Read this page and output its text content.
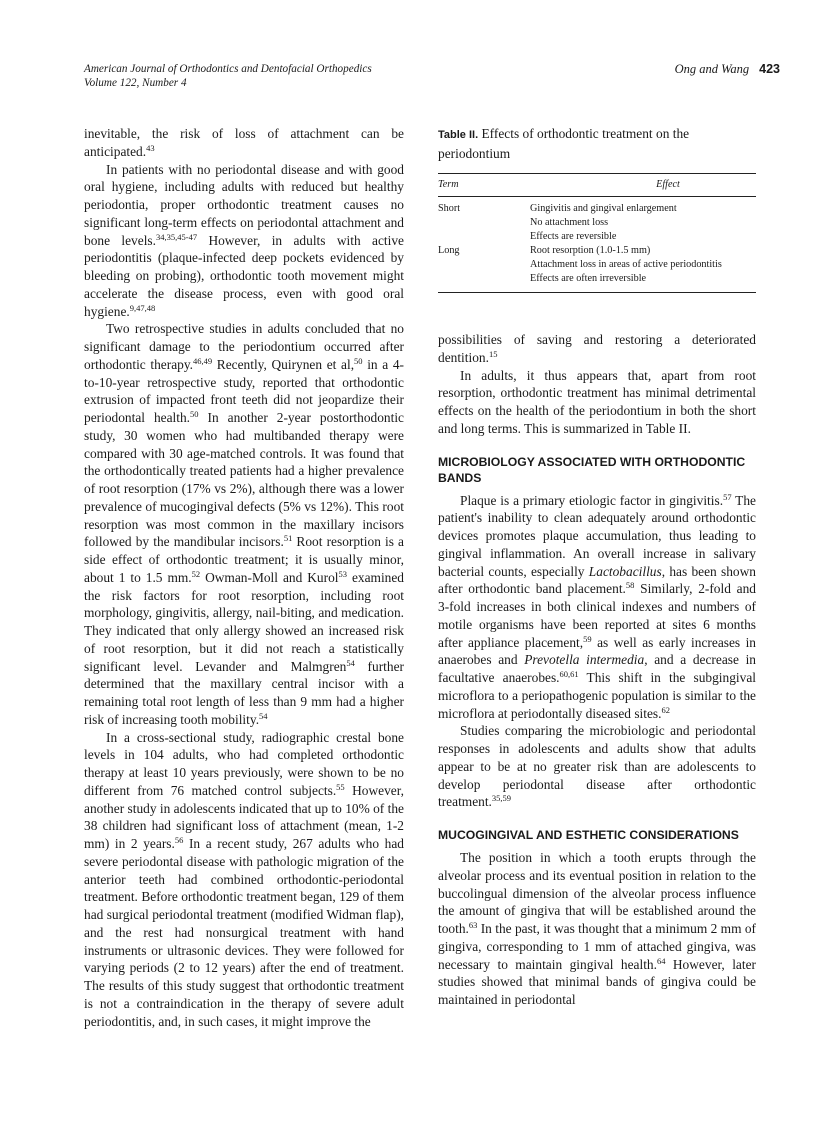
American Journal of Orthodontics and Dentofacial Orthopedics
Volume 122, Number 4
Ong and Wang 423

inevitable, the risk of loss of attachment can be anticipated.$^{43}$

In patients with no periodontal disease and with good oral hygiene, including adults with reduced but healthy periodontia, proper orthodontic treatment causes no significant long-term effects on periodontal attachment and bone levels.$^{34,35,45-47}$ However, in adults with active periodontitis (plaque-infected deep pockets evidenced by bleeding on probing), orthodontic tooth movement might accelerate the disease process, even with good oral hygiene.$^{9,47,48}$

Two retrospective studies in adults concluded that no significant damage to the periodontium occurred after orthodontic therapy.$^{46,49}$ Recently, Quirynen et al,$^{50}$ in a 4-to-10-year retrospective study, reported that orthodontic extrusion of impacted front teeth did not jeopardize their periodontal health.$^{50}$ In another 2-year postorthodontic study, 30 women who had multibanded therapy were compared with 30 age-matched controls. It was found that the orthodontically treated patients had a higher prevalence of root resorption (17% vs 2%), although there was a lower prevalence of mucogingival defects (5% vs 12%). This root resorption was most common in the maxillary incisors followed by the mandibular incisors.$^{51}$ Root resorption is a side effect of orthodontic treatment; it is usually minor, about 1 to 1.5 mm.$^{52}$ Owman-Moll and Kurol$^{53}$ examined the risk factors for root resorption, including root morphology, gingivitis, allergy, nail-biting, and medication. They indicated that only allergy showed an increased risk of root resorption, but it did not reach a statistically significant level. Levander and Malmgren$^{54}$ further determined that the maxillary central incisor with a remaining total root length of less than 9 mm had a higher risk of increasing tooth mobility.$^{54}$

In a cross-sectional study, radiographic crestal bone levels in 104 adults, who had completed orthodontic therapy at least 10 years previously, were shown to be no different from 76 matched control subjects.$^{55}$ However, another study in adolescents indicated that up to 10% of the 38 children had significant loss of attachment (mean, 1-2 mm) in 2 years.$^{56}$ In a recent study, 267 adults who had severe periodontal disease with pathologic migration of the anterior teeth had combined orthodontic-periodontal treatment. Before orthodontic treatment began, 129 of them had surgical periodontal treatment (modified Widman flap), and the rest had nonsurgical treatment with hand instruments or ultrasonic devices. They were followed for varying periods (2 to 12 years) after the end of treatment. The results of this study suggest that orthodontic treatment is not a contraindication in the therapy of severe adult periodontitis, and, in such cases, it might improve the

Table II. Effects of orthodontic treatment on the periodontium
Term	Effect
Short	Gingivitis and gingival enlargement
No attachment loss
Effects are reversible

Long	Root resorption (1.0-1.5 mm)
Attachment loss in areas of active periodontitis
Effects are often irreversible

possibilities of saving and restoring a deteriorated dentition.$^{15}$

In adults, it thus appears that, apart from root resorption, orthodontic treatment has minimal detrimental effects on the health of the periodontium in both the short and long terms. This is summarized in Table II.

MICROBIOLOGY ASSOCIATED WITH ORTHODONTIC BANDS

Plaque is a primary etiologic factor in gingivitis.$^{57}$ The patient's inability to clean adequately around orthodontic devices promotes plaque accumulation, thus leading to gingival inflammation. An overall increase in salivary bacterial counts, especially Lactobacillus, has been shown after orthodontic band placement.$^{58}$ Similarly, 2-fold and 3-fold increases in both clinical indexes and numbers of motile organisms have been reported at sites 6 months after appliance placement,$^{59}$ as well as early increases in anaerobes and Prevotella intermedia, and a decrease in facultative anaerobes.$^{60,61}$ This shift in the subgingival microflora to a periopathogenic population is similar to the microflora at periodontally diseased sites.$^{62}$

Studies comparing the microbiologic and periodontal responses in adolescents and adults show that adults appear to be at no greater risk than are adolescents to develop periodontal disease after orthodontic treatment.$^{35,59}$

MUCOGINGIVAL AND ESTHETIC CONSIDERATIONS

The position in which a tooth erupts through the alveolar process and its eventual position in relation to the buccolingual dimension of the alveolar process influence the amount of gingiva that will be established around the tooth.$^{63}$ In the past, it was thought that a minimum 2 mm of gingiva, corresponding to 1 mm of attached gingiva, was necessary to maintain gingival health.$^{64}$ However, later studies showed that minimal bands of gingiva could be maintained in periodontal
